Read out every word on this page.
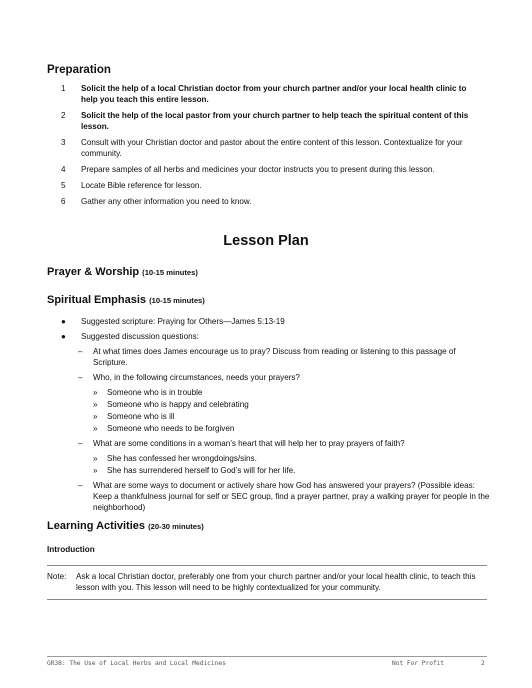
Preparation
1	Solicit the help of a local Christian doctor from your church partner and/or your local health clinic to help you teach this entire lesson.
2	Solicit the help of the local pastor from your church partner to help teach the spiritual content of this lesson.
3	Consult with your Christian doctor and pastor about the entire content of this lesson. Contextualize for your community.
4	Prepare samples of all herbs and medicines your doctor instructs you to present during this lesson.
5	Locate Bible reference for lesson.
6	Gather any other information you need to know.
Lesson Plan
Prayer & Worship (10-15 minutes)
Spiritual Emphasis (10-15 minutes)
●	Suggested scripture: Praying for Others—James 5:13-19
●	Suggested discussion questions:
–	At what times does James encourage us to pray? Discuss from reading or listening to this passage of Scripture.
–	Who, in the following circumstances, needs your prayers?
»	Someone who is in trouble
»	Someone who is happy and celebrating
»	Someone who is ill
»	Someone who needs to be forgiven
–	What are some conditions in a woman’s heart that will help her to pray prayers of faith?
»	She has confessed her wrongdoings/sins.
»	She has surrendered herself to God’s will for her life.
–	What are some ways to document or actively share how God has answered your prayers? (Possible ideas: Keep a thankfulness journal for self or SEC group, find a prayer partner, pray a walking prayer for people in the neighborhood)
Learning Activities (20-30 minutes)
Introduction
Note:	Ask a local Christian doctor, preferably one from your church partner and/or your local health clinic, to teach this lesson with you. This lesson will need to be highly contextualized for your community.
GR38: The Use of Local Herbs and Local Medicines	Not For Profit	2
